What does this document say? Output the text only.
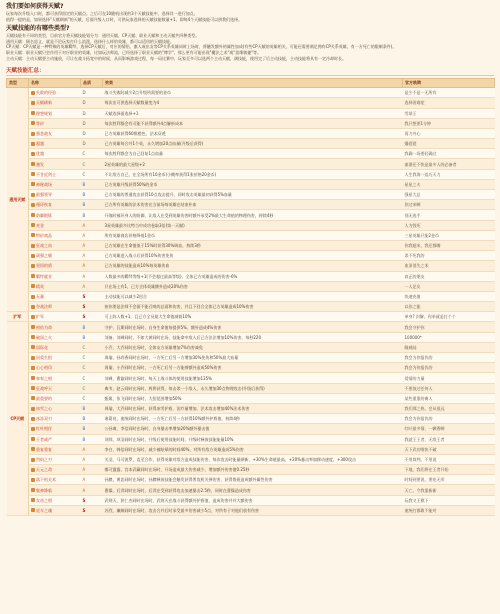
我们要如何获得天赋?

玩家每次升级入口时，都可获得固定的天赋点。之后可在10随机出现的3个天赋技能中，选择其一进行加点。

值得一提的是，如果选择"天赋刷新"的天赋，后面升级入口时，可供玩家选择的天赋技能数量+1，即每4个天赋技能可以供我们选择。

天赋技能的有哪些类型?

天赋技能有不同的类型，目前官方将天赋技能划分为：通用天赋、CP天赋、职业天赋和主动天赋共四种类型。

通用天赋：顾名思义，就是不论玩家打什么流派，选择什么样的英雄，都可以适用的天赋技能。

CP天赋：CP天赋是一种特殊的英雄羁绊，选择CP天赋后，对应的情侣、旗人或出友等CP关系英雄同时上场时，将触发额外的属性加成(有些CP天赋的英雄相关，可能还需要满足拥有CP关系英雄，有一方死亡的限制条件)。

职业天赋：职业天赋只会作用于对应职业的英雄，比如玩法师流，已经选择了职业天赋的"博学"，那么更有可能出现"魔法之术"或"思维敏捷"等。

主动天赋：主动天赋要主动施放，可让在战斗拓宽中的时候，从而影响游戏过程，每一局比赛中，玩家至多可以选两个主动天赋，满技能，使用完了后主动技能，主动技能将具有一定冷却时长。

天赋技能汇总：
类型	名称	品质	效果	官方轶稗
通用天赋	失败的经验	D	战斗失败时减少2点升级所需要的金币	是少不是一无所有
	天赋刷新	D	每次出可供选择天赋数量变为4	选择困难症
	理想规划	D	天赋选择面选择+1	雪球王
	等价	D	每次胜利都会有可能不获得额外4点解析成本	我只想要1分钟
	强悲战友	D	已方英雄获得60维橙色，法术穿透	再力外心
	超越	D	已方英雄每合并1个英，永久增加20点血量(升级后获得)	爆裂裂
	优越	C	每次胜利都会为自己回复1点血量	我确一场要轻确过
	激发	C	2星英雄的最大星级+2	崩溃还不快是最多人的必备者
	不甘近剑士	C	不让敌方自己，在全场所有10金币(小概率获得1张价格20金币)	人生我海一直巧天力
	神秘战场	B	已方英雄升级获得50%的金币	星星之火
	最强领导	B	已方英雄的普通攻击获得10点攻击提升，同时攻击英雄最初获得5%血量	强星大总
	循环恢复	B	已方所有英雄的法术伤害在当前场每英雄在结束补血	你过来啊
	防御锻炼	B	开战时被环身人的防御，让敌人在受到英雄伤害时额外承受2%最大生命值的物理伤害，持续4秒	别无选手
	麦金	A	3星英雄最多比特当中成功卷取3倍(第一天赋)	人为钱死
	特价商品	A	所有英雄商店价格降低1金币	三星英雄只能2金币
	狂战之血	A	已方英雄在生命值低于15%时获得30%吸血，持续3秒	你我超来，我还都嗨
	顽强之躯	A	已方英雄进入战斗后获得10%伤害免伤	杀不死我的
	坚固的盾	A	已方英雄的技能造成10%每英雄伤血	血条消失之术
	羁绊就业	A	人数最多的羁绊等级+1(不会超过最高等级)，全体已方英雄造成的伤害-6%	真正的朋友
	精英	A	只在场上有1，已方全体英雄额外造成20%伤害	一人足矣
	无量	S	主动技能可以减少2回合	快速充值
	夺战法师	S	按你要是法师不会面不能召唤的总面和伤害，并且下回合全体已方英雄造成10%伤害	以你之能
扩军	扩军	S	可上阵人数+1，且已方全员最大生命值减低10%	单身? 封解，你单就是打个个
CP天赋	相依为命	B	守护，瓦斯同时在场时，自身生命值每提供5%，额外造成4%伤害	我会守护你
	破国之火	B	刘备，刘禅同时，不如大黄同时在场，技能命中敌人后已方法法增加10%伤害，每秒220	100000*
	国际花	C	小乔，大乔同时在场时，全体友方英雄增加7%伤害减免	眼观陆
	因爱生恨	C	周瑜，孙尚香同时在场时，一方死亡后另一方增加30%免伤和50%最大血量	我会为你报仇的
	心心相印	C	周瑜，小乔同时在场时，一方死亡后另一方能够额外造成50%伤害	我会为你报仇的
	奉奉之相	C	刘禅，曹叡同时在场时，每天上战斗体的使用技能增加135%	爱情的力量
	狂战呼天	C	典韦，赵云同时在场时，两将获得，每击杀一个敌人，永久增加30点物理攻击(升级后获得)	不要放过任何人
	最重要的	C	甄姬，张飞同时在场时，大招范围增加50%	某些重重的离人
	冰雪之心	B	周瑜，大乔同时在场时，获得冰雪护盾，治疗量增加，法术攻击增加40%法术伤害	我们那之热，会从很远
	冰冻双刃	B	诸葛亮，庞统同时在场时，一方死亡后另一方获得10%额外护盾值，持续4秒	我会为你报仇的
	红叶相伴	B	公孙离，李信同时在场时，自身暴击率增加20%额外暴击值	红叶最多情，一颗香啊
	王者威严	B	刘邦，项羽同时在场时，升级后使用技能时间，升级时释放技能能量10%	我就王王者，无敌王者
	重复重复	A	李白，韩信同时在场时，减少被眩晕的时间40%，对所有敌方英雄造成5%伤害	天下武功唯快不破
	烈焰之刃	A	关羽，马可波罗，直至合作，获得英雄对敌方造成技能伤害，每次攻击时能量刷新，+30%生命值最高，+20%暴击率加移动速度，+300攻击	不用裁判，不用说
	天元之命	A	娜可露露，宫本武藏同时在场时，开场造成最大伤害减少，增加额外伤害值0.25秒	下地，我们将在王者开始
	落下机关术	A	孙膑，黄忠同时在场时，孙膑释放技能会触发获得普攻机关弹伤害，获得鲁班造成额外属性伤害	时间到要说，要花无形
	集神降临	A	曹操，后羿同时在场时，后羿在受到获得攻击加速暴击2.5秒，同时在曹操造成伤害	天亡。令我重新新
	女帝之相	S	武则天，狄仁杰同时在场时，武则天在战斗获得额外护盾值，造成伤害并并大额伤害	玩我又王棋下
	虎车之魂	S	苏烈，廉颇同时在场时，攻击合并后时承受最多伤害减少5点，对所有于对他们放有伤害	庞统打都敢不能对
